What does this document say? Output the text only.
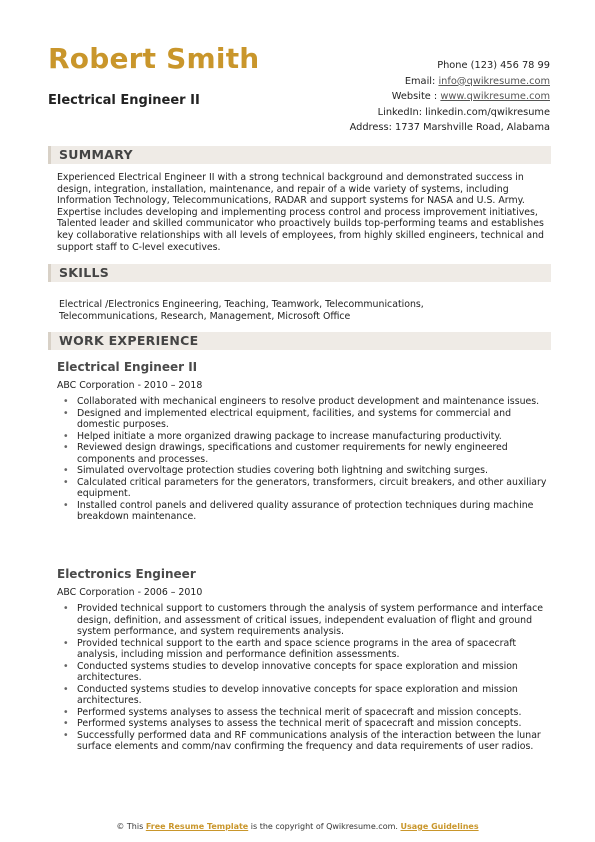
Robert Smith
Electrical Engineer II
Phone (123) 456 78 99
Email: info@qwikresume.com
Website : www.qwikresume.com
LinkedIn: linkedin.com/qwikresume
Address: 1737 Marshville Road, Alabama
SUMMARY
Experienced Electrical Engineer II with a strong technical background and demonstrated success in design, integration, installation, maintenance, and repair of a wide variety of systems, including Information Technology, Telecommunications, RADAR and support systems for NASA and U.S. Army. Expertise includes developing and implementing process control and process improvement initiatives, Talented leader and skilled communicator who proactively builds top-performing teams and establishes key collaborative relationships with all levels of employees, from highly skilled engineers, technical and support staff to C-level executives.
SKILLS
Electrical /Electronics Engineering, Teaching, Teamwork, Telecommunications, Telecommunications, Research, Management, Microsoft Office
WORK EXPERIENCE
Electrical Engineer II
ABC Corporation - 2010 – 2018
• Collaborated with mechanical engineers to resolve product development and maintenance issues.
• Designed and implemented electrical equipment, facilities, and systems for commercial and domestic purposes.
• Helped initiate a more organized drawing package to increase manufacturing productivity.
• Reviewed design drawings, specifications and customer requirements for newly engineered components and processes.
• Simulated overvoltage protection studies covering both lightning and switching surges.
• Calculated critical parameters for the generators, transformers, circuit breakers, and other auxiliary equipment.
• Installed control panels and delivered quality assurance of protection techniques during machine breakdown maintenance.
Electronics Engineer
ABC Corporation - 2006 – 2010
• Provided technical support to customers through the analysis of system performance and interface design, definition, and assessment of critical issues, independent evaluation of flight and ground system performance, and system requirements analysis.
• Provided technical support to the earth and space science programs in the area of spacecraft analysis, including mission and performance definition assessments.
• Conducted systems studies to develop innovative concepts for space exploration and mission architectures.
• Conducted systems studies to develop innovative concepts for space exploration and mission architectures.
• Performed systems analyses to assess the technical merit of spacecraft and mission concepts.
• Performed systems analyses to assess the technical merit of spacecraft and mission concepts.
• Successfully performed data and RF communications analysis of the interaction between the lunar surface elements and comm/nav confirming the frequency and data requirements of user radios.
© This Free Resume Template is the copyright of Qwikresume.com. Usage Guidelines
